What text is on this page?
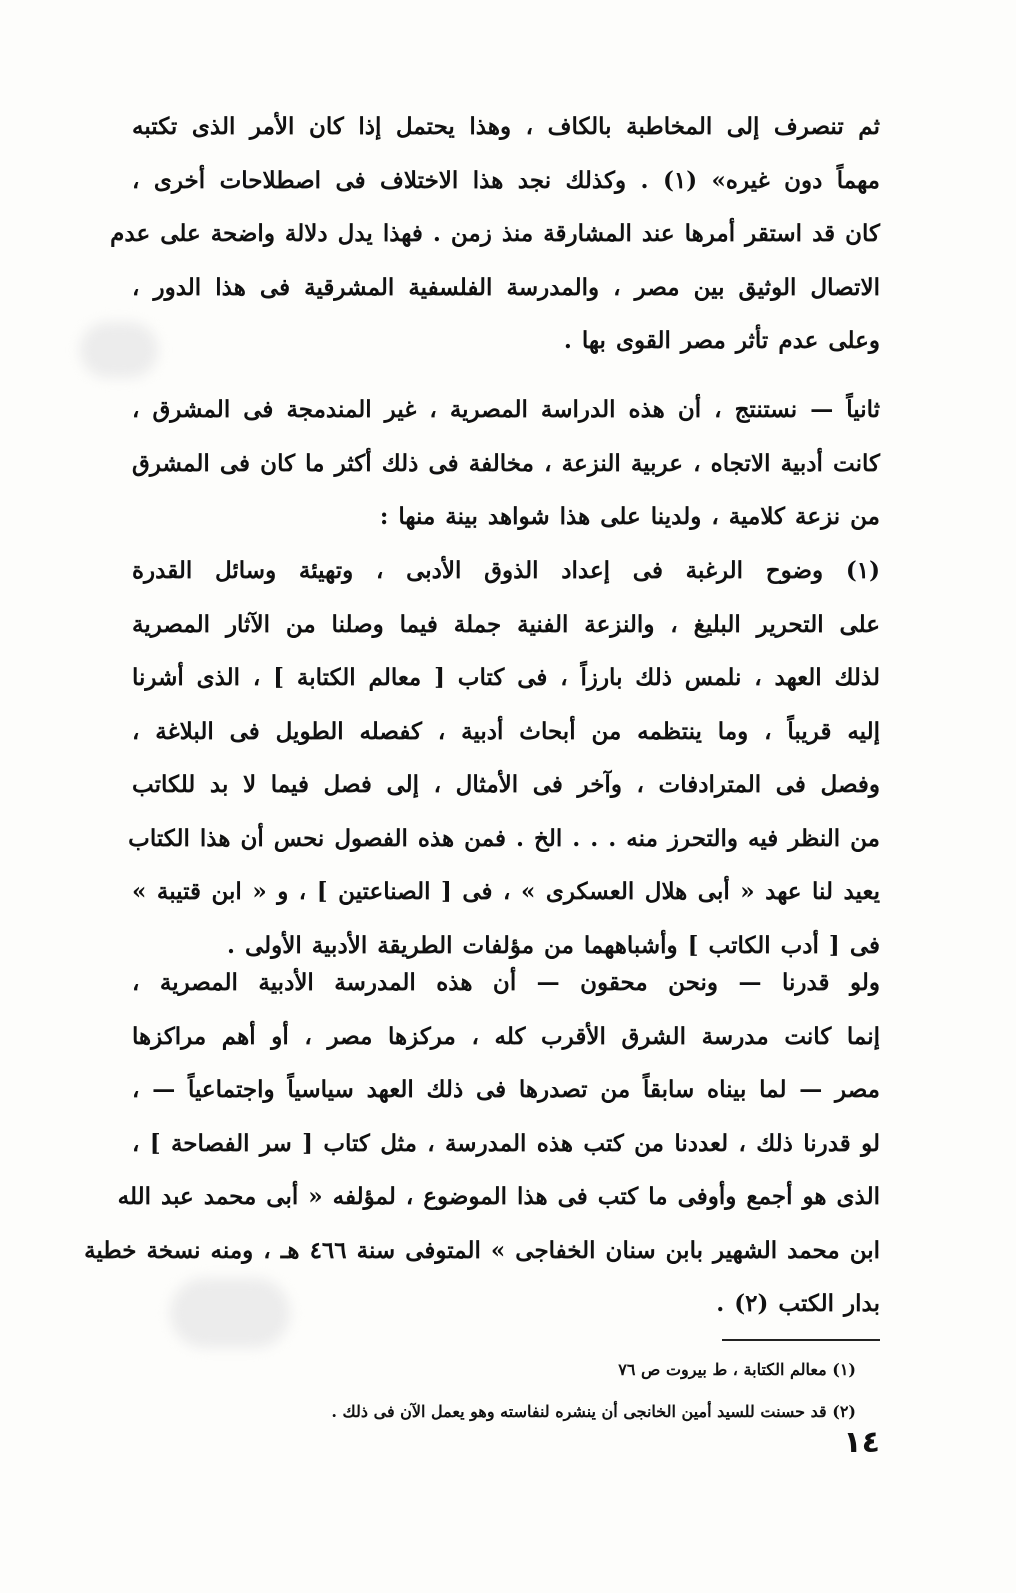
ثم تنصرف إلى المخاطبة بالكاف ، وهذا يحتمل إذا كان الأمر الذى تكتبه
مهماً دون غيره» (١) . وكذلك نجد هذا الاختلاف فى اصطلاحات أخرى ،
كان قد استقر أمرها عند المشارقة منذ زمن . فهذا يدل دلالة واضحة على عدم
الاتصال الوثيق بين مصر ، والمدرسة الفلسفية المشرقية فى هذا الدور ،
وعلى عدم تأثر مصر القوى بها .
ثانياً — نستنتج ، أن هذه الدراسة المصرية ، غير المندمجة فى المشرق ،
كانت أدبية الاتجاه ، عربية النزعة ، مخالفة فى ذلك أكثر ما كان فى المشرق
من نزعة كلامية ، ولدينا على هذا شواهد بينة منها :
(١) وضوح الرغبة فى إعداد الذوق الأدبى ، وتهيئة وسائل القدرة
على التحرير البليغ ، والنزعة الفنية جملة فيما وصلنا من الآثار المصرية
لذلك العهد ، نلمس ذلك بارزاً ، فى كتاب [ معالم الكتابة ] ، الذى أشرنا
إليه قريباً ، وما ينتظمه من أبحاث أدبية ، كفصله الطويل فى البلاغة ،
وفصل فى المترادفات ، وآخر فى الأمثال ، إلى فصل فيما لا بد للكاتب
من النظر فيه والتحرز منه . . . الخ . فمن هذه الفصول نحس أن هذا الكتاب
يعيد لنا عهد « أبى هلال العسكرى » ، فى [ الصناعتين ] ، و « ابن قتيبة »
فى [ أدب الكاتب ] وأشباههما من مؤلفات الطريقة الأدبية الأولى .
ولو قدرنا — ونحن محقون — أن هذه المدرسة الأدبية المصرية ،
إنما كانت مدرسة الشرق الأقرب كله ، مركزها مصر ، أو أهم مراكزها
مصر — لما بيناه سابقاً من تصدرها فى ذلك العهد سياسياً واجتماعياً — ،
لو قدرنا ذلك ، لعددنا من كتب هذه المدرسة ، مثل كتاب [ سر الفصاحة ] ،
الذى هو أجمع وأوفى ما كتب فى هذا الموضوع ، لمؤلفه « أبى محمد عبد الله
ابن محمد الشهير بابن سنان الخفاجى » المتوفى سنة ٤٦٦ هـ ، ومنه نسخة خطية
بدار الكتب (٢) .
(١) معالم الكتابة ، ط بيروت ص ٧٦
(٢) قد حسنت للسيد أمين الخانجى أن ينشره لنفاسته وهو يعمل الآن فى ذلك .
١٤
